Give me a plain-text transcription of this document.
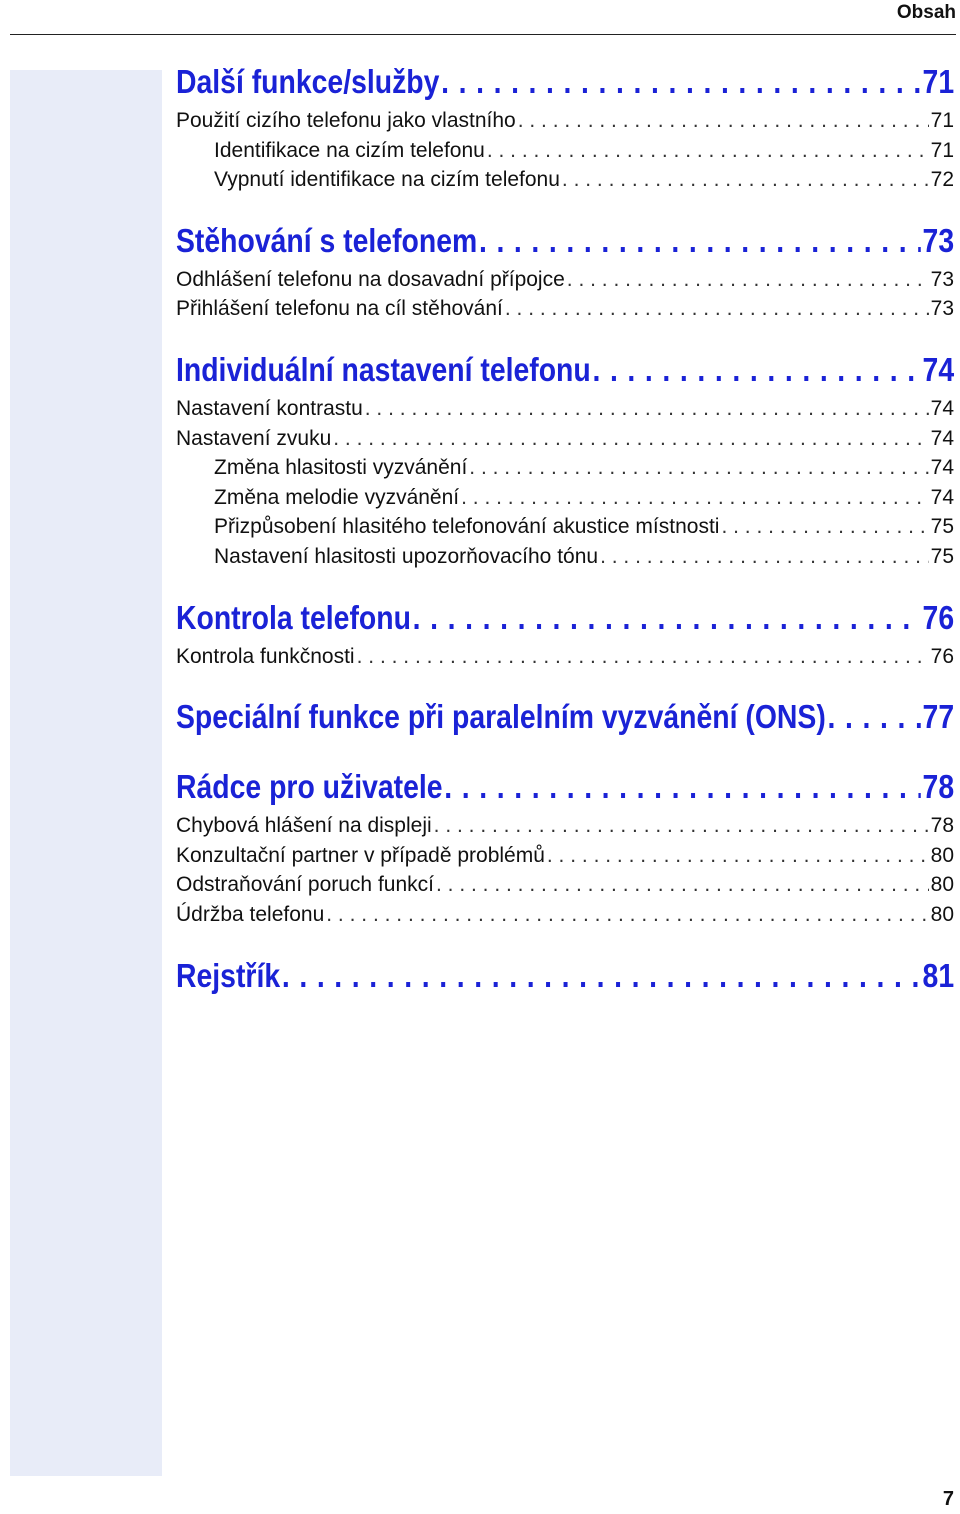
Obsah
Další funkce/služby . . .	71
Použití cizího telefonu jako vlastního . . .	71
Identifikace na cizím telefonu . . .	71
Vypnutí identifikace na cizím telefonu . . .	72
Stěhování s telefonem . . .	73
Odhlášení telefonu na dosavadní přípojce . . .	73
Přihlášení telefonu na cíl stěhování . . .	73
Individuální nastavení telefonu . . .	74
Nastavení kontrastu . . .	74
Nastavení zvuku . . .	74
Změna hlasitosti vyzvánění . . .	74
Změna melodie vyzvánění . . .	74
Přizpůsobení hlasitého telefonování akustice místnosti . . .	75
Nastavení hlasitosti upozorňovacího tónu . . .	75
Kontrola telefonu . . .	76
Kontrola funkčnosti . . .	76
Speciální funkce při paralelním vyzvánění (ONS) . . .	77
Rádce pro uživatele . . .	78
Chybová hlášení na displeji . . .	78
Konzultační partner v případě problémů . . .	80
Odstraňování poruch funkcí . . .	80
Údržba telefonu . . .	80
Rejstřík . . .	81
7
